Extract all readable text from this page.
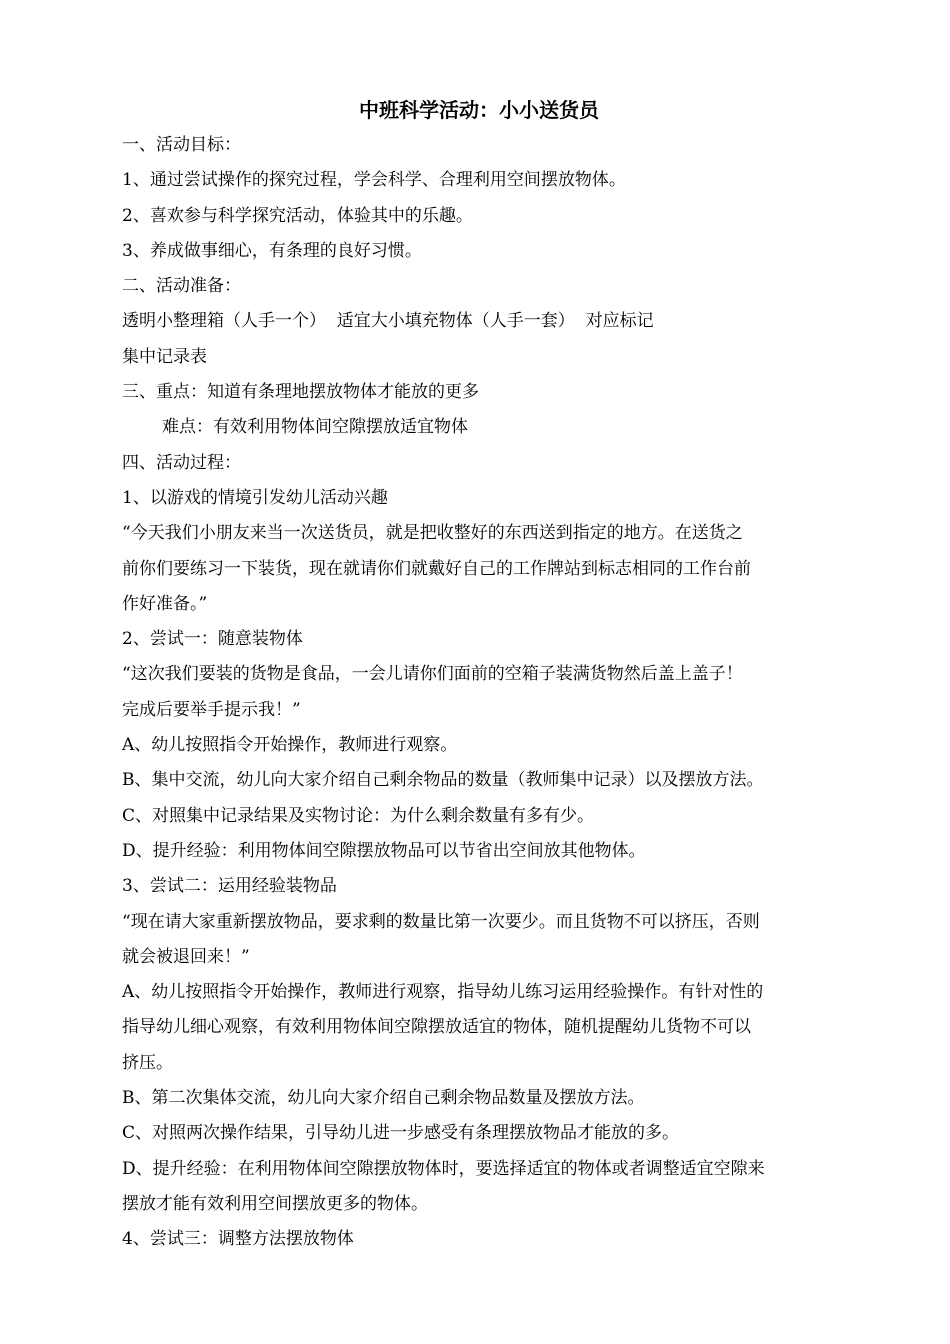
中班科学活动：小小送货员
一、活动目标：
1、通过尝试操作的探究过程，学会科学、合理利用空间摆放物体。
2、喜欢参与科学探究活动，体验其中的乐趣。
3、养成做事细心，有条理的良好习惯。
二、活动准备：
透明小整理箱（人手一个）  适宜大小填充物体（人手一套）  对应标记
集中记录表
三、重点：知道有条理地摆放物体才能放的更多
难点：有效利用物体间空隙摆放适宜物体
四、活动过程：
1、以游戏的情境引发幼儿活动兴趣
“今天我们小朋友来当一次送货员，就是把收整好的东西送到指定的地方。在送货之
前你们要练习一下装货，现在就请你们就戴好自己的工作牌站到标志相同的工作台前
作好准备。”
2、尝试一：随意装物体
“这次我们要装的货物是食品，一会儿请你们面前的空箱子装满货物然后盖上盖子！
完成后要举手提示我！”
A、幼儿按照指令开始操作，教师进行观察。
B、集中交流，幼儿向大家介绍自己剩余物品的数量（教师集中记录）以及摆放方法。
C、对照集中记录结果及实物讨论：为什么剩余数量有多有少。
D、提升经验：利用物体间空隙摆放物品可以节省出空间放其他物体。
3、尝试二：运用经验装物品
“现在请大家重新摆放物品，要求剩的数量比第一次要少。而且货物不可以挤压，否则
就会被退回来！”
A、幼儿按照指令开始操作，教师进行观察，指导幼儿练习运用经验操作。有针对性的
指导幼儿细心观察，有效利用物体间空隙摆放适宜的物体，随机提醒幼儿货物不可以
挤压。
B、第二次集体交流，幼儿向大家介绍自己剩余物品数量及摆放方法。
C、对照两次操作结果，引导幼儿进一步感受有条理摆放物品才能放的多。
D、提升经验：在利用物体间空隙摆放物体时，要选择适宜的物体或者调整适宜空隙来
摆放才能有效利用空间摆放更多的物体。
4、尝试三：调整方法摆放物体
